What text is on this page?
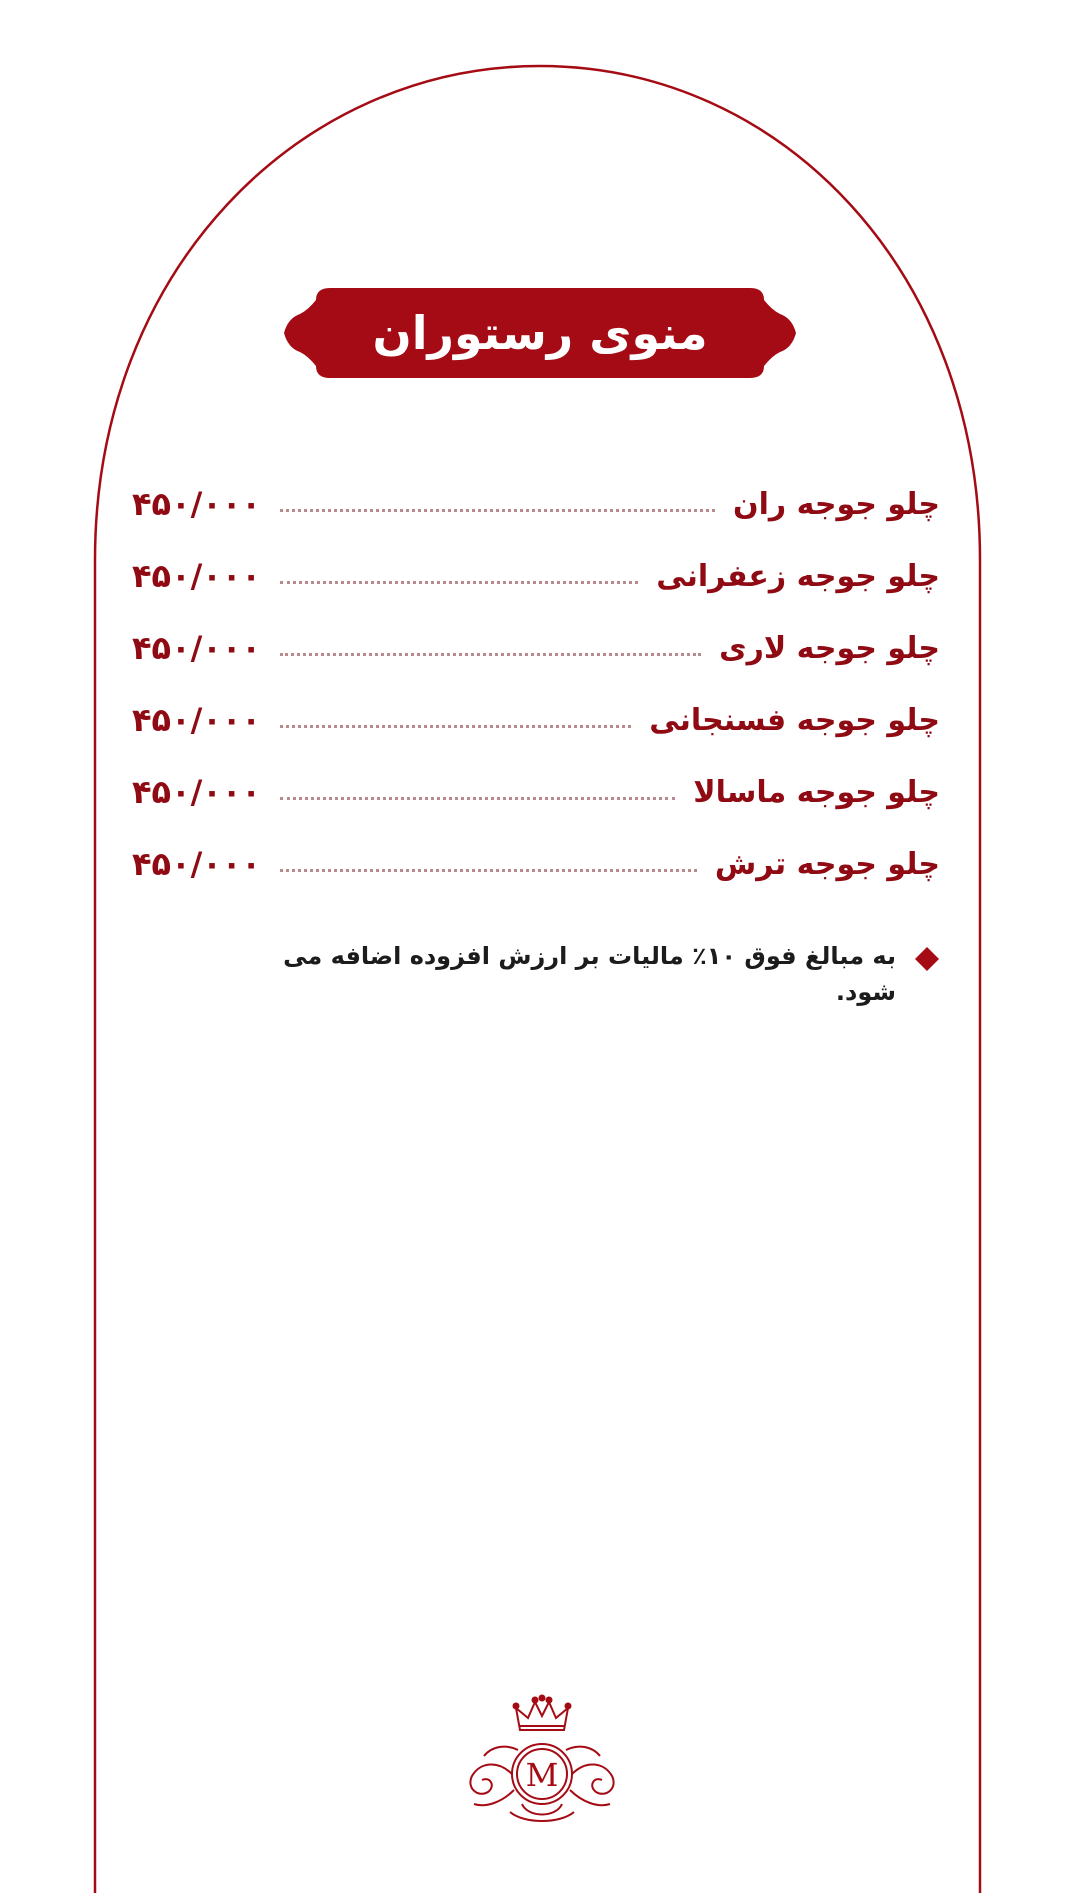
منوی رستوران
چلو جوجه ران
۴۵۰/۰۰۰
چلو جوجه زعفرانی
۴۵۰/۰۰۰
چلو جوجه لاری
۴۵۰/۰۰۰
چلو جوجه فسنجانی
۴۵۰/۰۰۰
چلو جوجه ماسالا
۴۵۰/۰۰۰
چلو جوجه ترش
۴۵۰/۰۰۰
به مبالغ فوق ۱۰٪ مالیات بر ارزش افزوده اضافه می شود.
M
